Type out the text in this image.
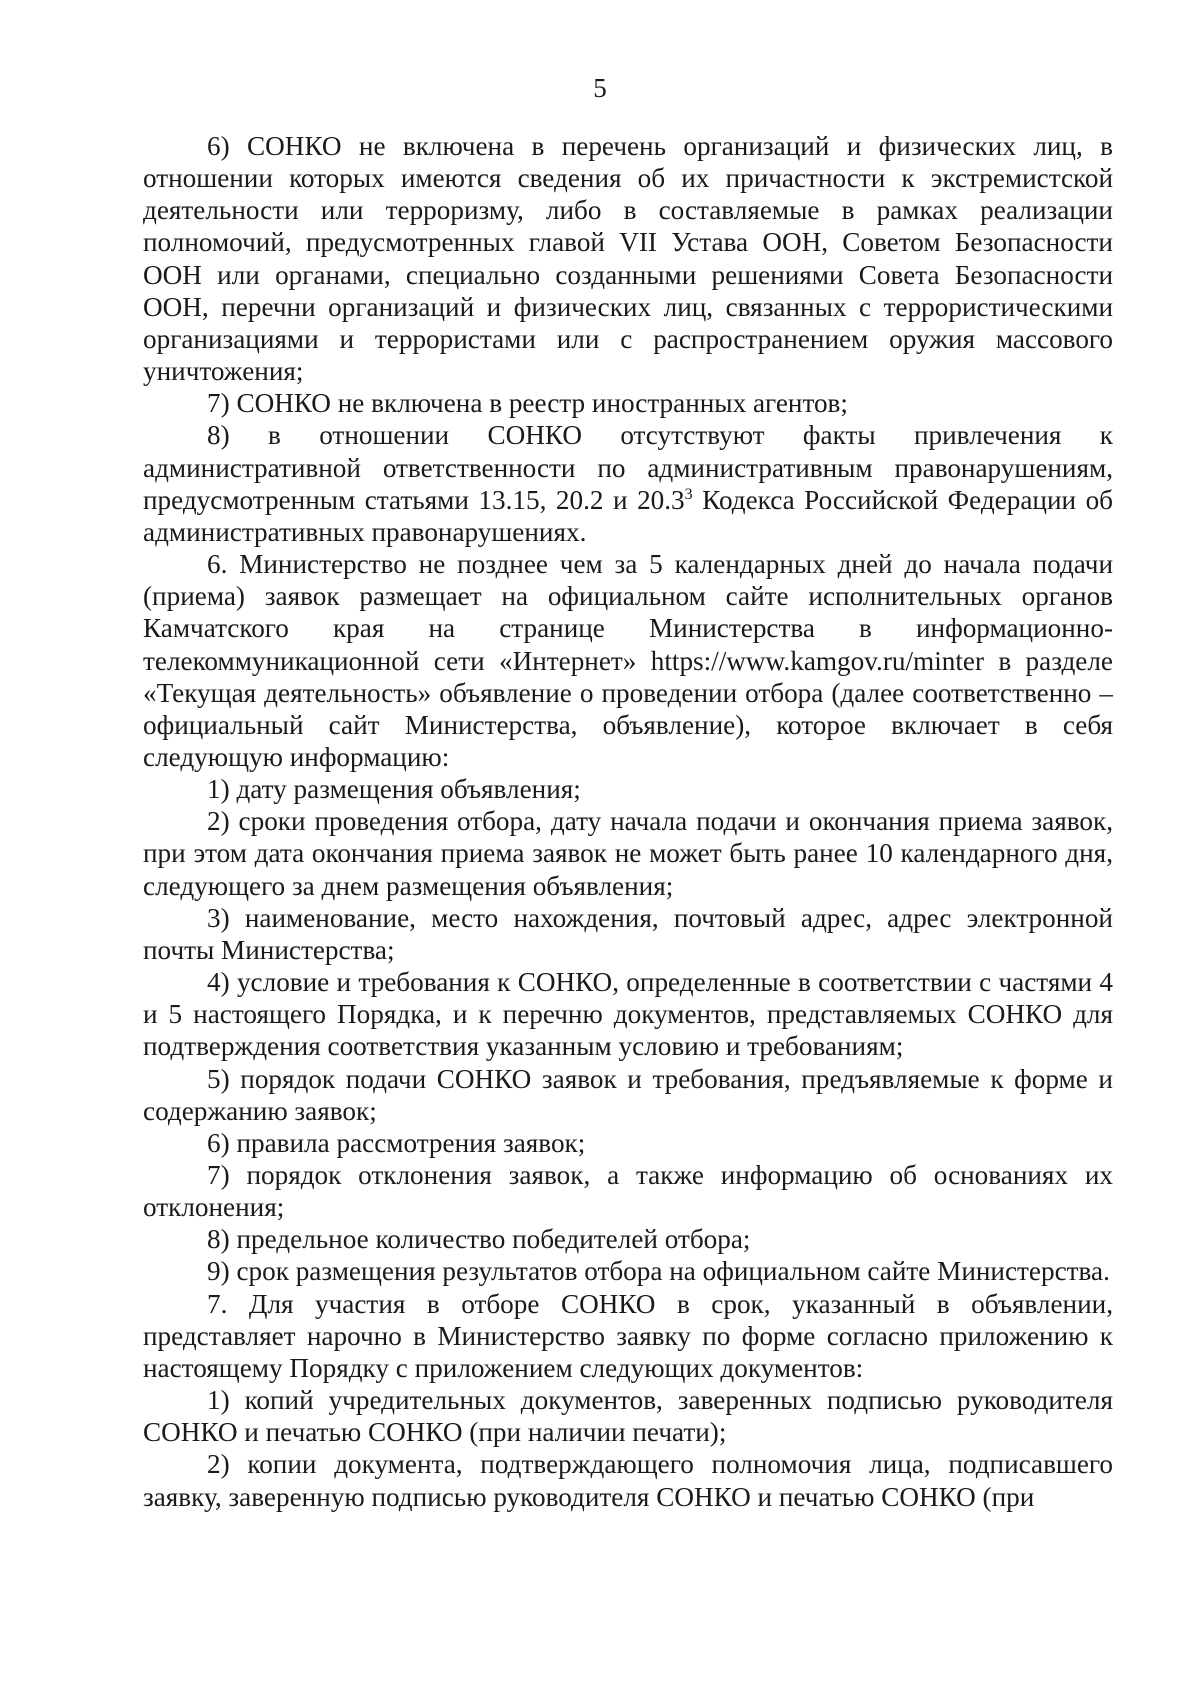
5

6) СОНКО не включена в перечень организаций и физических лиц, в отношении которых имеются сведения об их причастности к экстремистской деятельности или терроризму, либо в составляемые в рамках реализации полномочий, предусмотренных главой VII Устава ООН, Советом Безопасности ООН или органами, специально созданными решениями Совета Безопасности ООН, перечни организаций и физических лиц, связанных с террористическими организациями и террористами или с распространением оружия массового уничтожения;

7) СОНКО не включена в реестр иностранных агентов;

8) в отношении СОНКО отсутствуют факты привлечения к административной ответственности по административным правонарушениям, предусмотренным статьями 13.15, 20.2 и 20.3$^3$ Кодекса Российской Федерации об административных правонарушениях.

6. Министерство не позднее чем за 5 календарных дней до начала подачи (приема) заявок размещает на официальном сайте исполнительных органов Камчатского края на странице Министерства в информационно-телекоммуникационной сети «Интернет» https://www.kamgov.ru/minter в разделе «Текущая деятельность» объявление о проведении отбора (далее соответственно – официальный сайт Министерства, объявление), которое включает в себя следующую информацию:

1) дату размещения объявления;

2) сроки проведения отбора, дату начала подачи и окончания приема заявок, при этом дата окончания приема заявок не может быть ранее 10 календарного дня, следующего за днем размещения объявления;

3) наименование, место нахождения, почтовый адрес, адрес электронной почты Министерства;

4) условие и требования к СОНКО, определенные в соответствии с частями 4 и 5 настоящего Порядка, и к перечню документов, представляемых СОНКО для подтверждения соответствия указанным условию и требованиям;

5) порядок подачи СОНКО заявок и требования, предъявляемые к форме и содержанию заявок;

6) правила рассмотрения заявок;

7) порядок отклонения заявок, а также информацию об основаниях их отклонения;

8) предельное количество победителей отбора;

9) срок размещения результатов отбора на официальном сайте Министерства.

7. Для участия в отборе СОНКО в срок, указанный в объявлении, представляет нарочно в Министерство заявку по форме согласно приложению к настоящему Порядку с приложением следующих документов:

1) копий учредительных документов, заверенных подписью руководителя СОНКО и печатью СОНКО (при наличии печати);

2) копии документа, подтверждающего полномочия лица, подписавшего заявку, заверенную подписью руководителя СОНКО и печатью СОНКО (при
